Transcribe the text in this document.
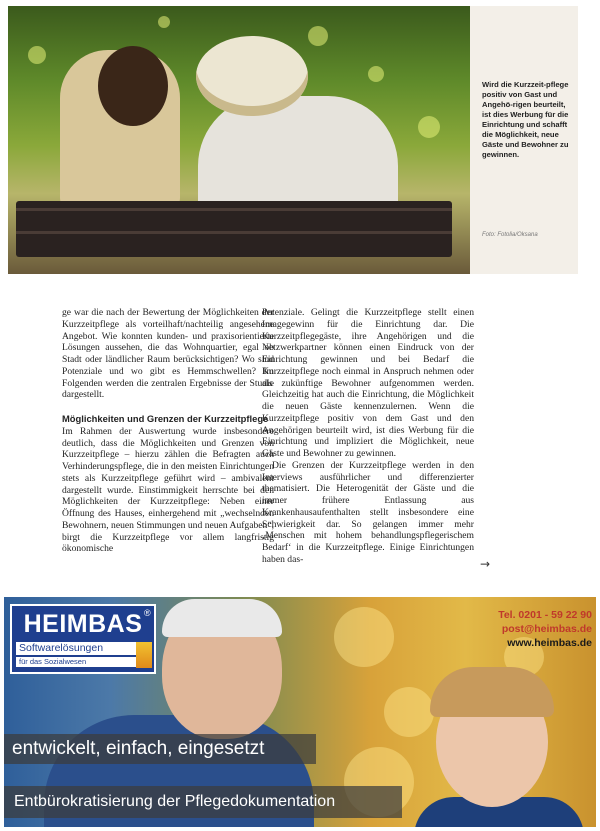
Wird die Kurzzeit-pflege positiv von Gast und Angehö-rigen beurteilt, ist dies Werbung für die Einrichtung und schafft die Möglichkeit, neue Gäste und Bewohner zu gewinnen.
Foto: Fotolia/Oksana

ge war die nach der Bewertung der Möglichkeiten der Kurzzeitpflege als vorteilhaft/nachteilig angesehene Angebot. Wie konnten kunden- und praxisorientierte Lösungen aussehen, die das Wohnquartier, egal ob Stadt oder ländlicher Raum berücksichtigen? Wo sind Potenziale und wo gibt es Hemmschwellen? Im Folgenden werden die zentralen Ergebnisse der Studie dargestellt.

Möglichkeiten und Grenzen der Kurzzeitpflege

Im Rahmen der Auswertung wurde insbesondere deutlich, dass die Möglichkeiten und Grenzen von Kurzzeitpflege – hierzu zählen die Befragten auch Verhinderungspflege, die in den meisten Einrichtungen stets als Kurzzeitpflege geführt wird – ambivalent dargestellt wurde. Einstimmigkeit herrschte bei den Möglichkeiten der Kurzzeitpflege: Neben einer Öffnung des Hauses, einhergehend mit „wechselnden Bewohnern, neuen Stimmungen und neuen Aufgaben“, birgt die Kurzzeitpflege vor allem langfristig ökonomische

Potenziale. Gelingt die Kurzzeitpflege stellt einen Imagegewinn für die Einrichtung dar. Die Kurzzeitpflegegäste, ihre Angehörigen und die Netzwerkpartner können einen Eindruck von der Einrichtung gewinnen und bei Bedarf die Kurzzeitpflege noch einmal in Anspruch nehmen oder als zukünftige Bewohner aufgenommen werden. Gleichzeitig hat auch die Einrichtung, die Möglichkeit die neuen Gäste kennenzulernen. Wenn die Kurzzeitpflege positiv von dem Gast und den Angehörigen beurteilt wird, ist dies Werbung für die Einrichtung und impliziert die Möglichkeit, neue Gäste und Bewohner zu gewinnen.

Die Grenzen der Kurzzeitpflege werden in den Interviews ausführlicher und differenzierter thematisiert. Die Heterogenität der Gäste und die immer frühere Entlassung aus Krankenhausaufenthalten stellt insbesondere eine Schwierigkeit dar. So gelangen immer mehr ‚Menschen mit hohem behandlungspflegerischem Bedarf‘ in die Kurzzeitpflege. Einige Einrichtungen haben das-	→
HEIMBAS ®
Softwarelösungen
für das Sozialwesen
Tel. 0201 - 59 22 90
post@heimbas.de
www.heimbas.de
entwickelt, einfach, eingesetzt
Entbürokratisierung der Pflegedokumentation
